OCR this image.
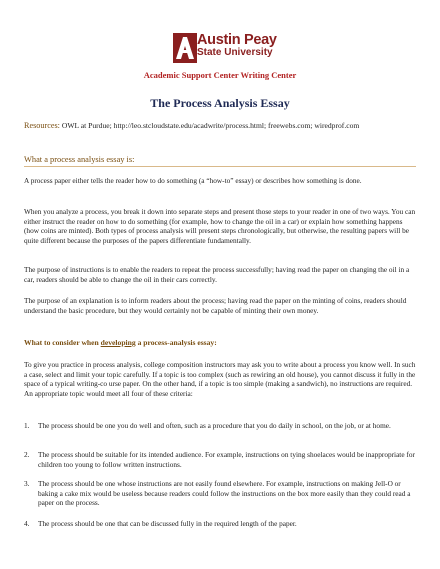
Austin Peay
State University
Academic Support Center Writing Center
The Process Analysis Essay
Resources: OWL at Purdue; http://leo.stcloudstate.edu/acadwrite/process.html; freewebs.com; wiredprof.com
What a process analysis essay is:

A process paper either tells the reader how to do something (a “how-to” essay) or describes how something is done.

When you analyze a process, you break it down into separate steps and present those steps to your reader in one of two ways. You can either instruct the reader on how to do something (for example, how to change the oil in a car) or explain how something happens (how coins are minted). Both types of process analysis will present steps chronologically, but otherwise, the resulting papers will be quite different because the purposes of the papers differentiate fundamentally.

The purpose of instructions is to enable the readers to repeat the process successfully; having read the paper on changing the oil in a car, readers should be able to change the oil in their cars correctly.

The purpose of an explanation is to inform readers about the process; having read the paper on the minting of coins, readers should understand the basic procedure, but they would certainly not be capable of minting their own money.

What to consider when developing a process-analysis essay:

To give you practice in process analysis, college composition instructors may ask you to write about a process you know well. In such a case, select and limit your topic carefully. If a topic is too complex (such as rewiring an old house), you cannot discuss it fully in the space of a typical writing-co urse paper. On the other hand, if a topic is too simple (making a sandwich), no instructions are required. An appropriate topic would meet all four of these criteria:

1.	The process should be one you do well and often, such as a procedure that you do daily in school, on the job, or at home.
2.	The process should be suitable for its intended audience. For example, instructions on tying shoelaces would be inappropriate for children too young to follow written instructions.
3.	The process should be one whose instructions are not easily found elsewhere. For example, instructions on making Jell-O or baking a cake mix would be useless because readers could follow the instructions on the box more easily than they could read a paper on the process.
4.	The process should be one that can be discussed fully in the required length of the paper.
